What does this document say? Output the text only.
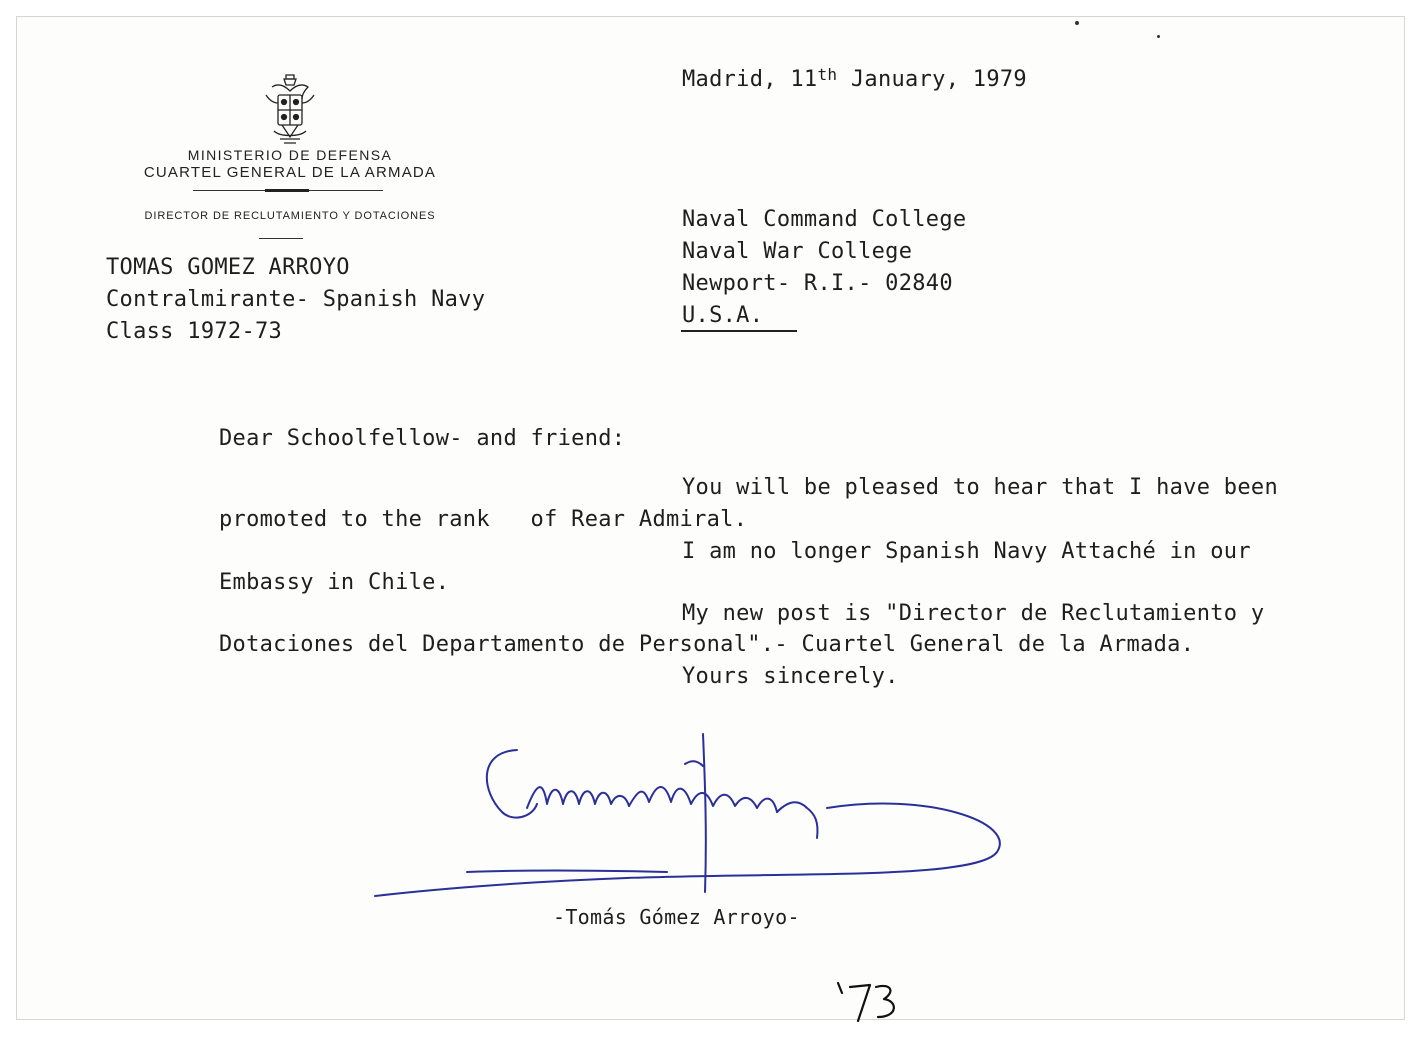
MINISTERIO DE DEFENSA
CUARTEL GENERAL DE LA ARMADA
DIRECTOR DE RECLUTAMIENTO Y DOTACIONES
TOMAS GOMEZ ARROYO
Contralmirante- Spanish Navy
Class 1972-73
Madrid, 11th January, 1979
Naval Command College
Naval War College
Newport- R.I.- 02840
U.S.A.
Dear Schoolfellow- and friend:
You will be pleased to hear that I have been
promoted to the rank   of Rear Admiral.
I am no longer Spanish Navy Attaché in our
Embassy in Chile.
My new post is "Director de Reclutamiento y
Dotaciones del Departamento de Personal".- Cuartel General de la Armada.
Yours sincerely.
-Tomás Gómez Arroyo-
